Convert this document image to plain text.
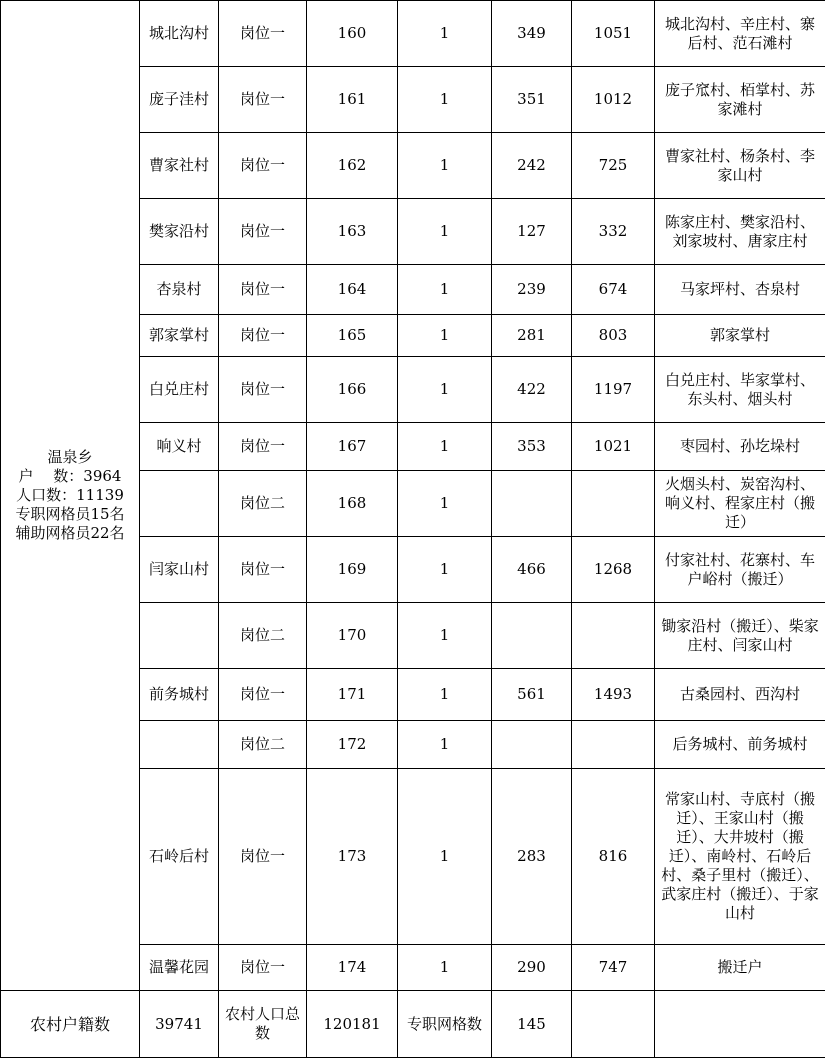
温泉乡
户　 数：3964
人口数：11139
专职网格员15名
辅助网格员22名	城北沟村	岗位一	160	1	349	1051	城北沟村、辛庄村、寨后村、范石滩村
	庞子洼村	岗位一	161	1	351	1012	庞子窊村、栢掌村、苏家滩村
	曹家社村	岗位一	162	1	242	725	曹家社村、杨条村、李家山村
	樊家沿村	岗位一	163	1	127	332	陈家庄村、樊家沿村、刘家坡村、唐家庄村
	杏泉村	岗位一	164	1	239	674	马家坪村、杏泉村
	郭家掌村	岗位一	165	1	281	803	郭家掌村
	白兑庄村	岗位一	166	1	422	1197	白兑庄村、毕家掌村、东头村、烟头村
	响义村	岗位一	167	1	353	1021	枣园村、孙圪垛村
		岗位二	168	1			火烟头村、炭窑沟村、响义村、程家庄村（搬迁）
	闫家山村	岗位一	169	1	466	1268	付家社村、花寨村、车户峪村（搬迁）
		岗位二	170	1			锄家沿村（搬迁）、柴家庄村、闫家山村
	前务城村	岗位一	171	1	561	1493	古桑园村、西沟村
		岗位二	172	1			后务城村、前务城村
	石岭后村	岗位一	173	1	283	816	常家山村、寺底村（搬迁）、王家山村（搬迁）、大井坡村（搬迁）、南岭村、石岭后村、桑子里村（搬迁）、武家庄村（搬迁）、于家山村
	温馨花园	岗位一	174	1	290	747	搬迁户
农村户籍数	39741	农村人口总数	120181	专职网格数	145		
